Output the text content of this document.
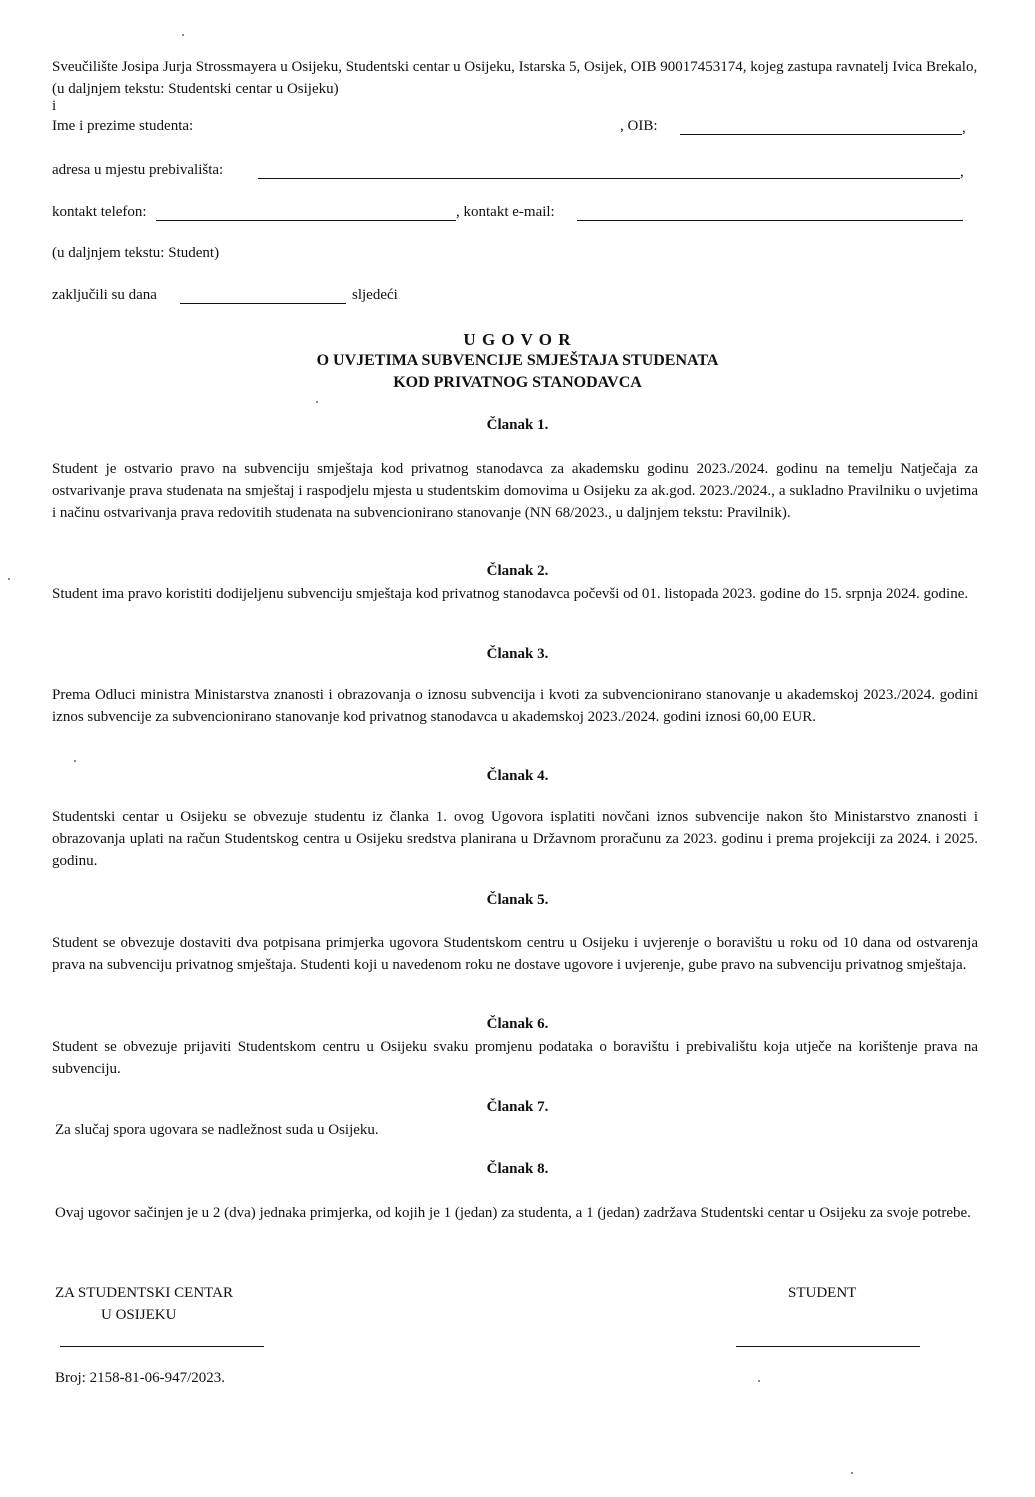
Sveučilište Josipa Jurja Strossmayera u Osijeku, Studentski centar u Osijeku, Istarska 5, Osijek, OIB 90017453174, kojeg zastupa ravnatelj Ivica Brekalo, (u daljnjem tekstu: Studentski centar u Osijeku)
i
Ime i prezime studenta:	, OIB:	,
adresa u mjestu prebivališta:	,
kontakt telefon:	, kontakt e-mail:
(u daljnjem tekstu: Student)
zaključili su dana	sljedeći
U G O V O R
O UVJETIMA SUBVENCIJE SMJEŠTAJA STUDENATA
KOD PRIVATNOG STANODAVCA
Članak 1.
Student je ostvario pravo na subvenciju smještaja kod privatnog stanodavca za akademsku godinu 2023./2024. godinu na temelju Natječaja za ostvarivanje prava studenata na smještaj i raspodjelu mjesta u studentskim domovima u Osijeku za ak.god. 2023./2024., a sukladno Pravilniku o uvjetima i načinu ostvarivanja prava redovitih studenata na subvencionirano stanovanje (NN 68/2023., u daljnjem tekstu: Pravilnik).
Članak 2.
Student ima pravo koristiti dodijeljenu subvenciju smještaja kod privatnog stanodavca počevši od 01. listopada 2023. godine do 15. srpnja 2024. godine.
Članak 3.
Prema Odluci ministra Ministarstva znanosti i obrazovanja o iznosu subvencija i kvoti za subvencionirano stanovanje u akademskoj 2023./2024. godini iznos subvencije za subvencionirano stanovanje kod privatnog stanodavca u akademskoj 2023./2024. godini iznosi 60,00 EUR.
Članak 4.
Studentski centar u Osijeku se obvezuje studentu iz članka 1. ovog Ugovora isplatiti novčani iznos subvencije nakon što Ministarstvo znanosti i obrazovanja uplati na račun Studentskog centra u Osijeku sredstva planirana u Državnom proračunu za 2023. godinu i prema projekciji za 2024. i 2025. godinu.
Članak 5.
Student se obvezuje dostaviti dva potpisana primjerka ugovora Studentskom centru u Osijeku i uvjerenje o boravištu u roku od 10 dana od ostvarenja prava na subvenciju privatnog smještaja. Studenti koji u navedenom roku ne dostave ugovore i uvjerenje, gube pravo na subvenciju privatnog smještaja.
Članak 6.
Student se obvezuje prijaviti Studentskom centru u Osijeku svaku promjenu podataka o boravištu i prebivalištu koja utječe na korištenje prava na subvenciju.
Članak 7.
Za slučaj spora ugovara se nadležnost suda u Osijeku.
Članak 8.
Ovaj ugovor sačinjen je u 2 (dva) jednaka primjerka, od kojih je 1 (jedan) za studenta, a 1 (jedan) zadržava Studentski centar u Osijeku za svoje potrebe.
ZA STUDENTSKI CENTAR
U OSIJEKU
STUDENT
Broj: 2158-81-06-947/2023.
